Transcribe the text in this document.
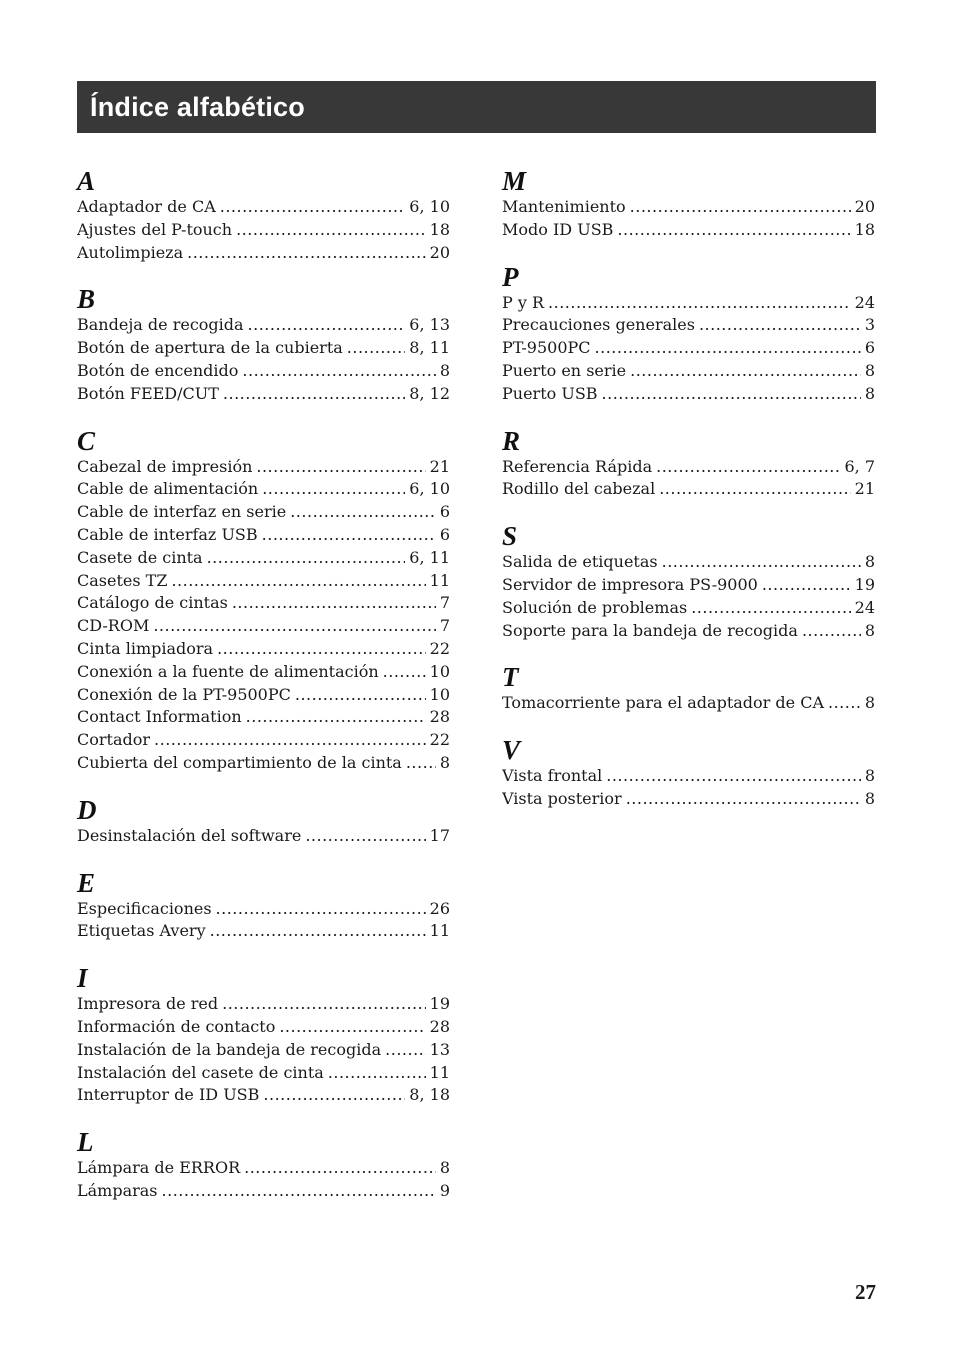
Índice alfabético
A
Adaptador de CA .....	6, 10
Ajustes del P-touch .....	18
Autolimpieza .....	20
B
Bandeja de recogida .....	6, 13
Botón de apertura de la cubierta .....	8, 11
Botón de encendido .....	8
Botón FEED/CUT .....	8, 12
C
Cabezal de impresión .....	21
Cable de alimentación .....	6, 10
Cable de interfaz en serie .....	6
Cable de interfaz USB .....	6
Casete de cinta .....	6, 11
Casetes TZ .....	11
Catálogo de cintas .....	7
CD-ROM .....	7
Cinta limpiadora .....	22
Conexión a la fuente de alimentación .....	10
Conexión de la PT-9500PC .....	10
Contact Information .....	28
Cortador .....	22
Cubierta del compartimiento de la cinta ..... 8
D
Desinstalación del software .....	17
E
Especificaciones .....	26
Etiquetas Avery .....	11
I
Impresora de red .....	19
Información de contacto .....	28
Instalación de la bandeja de recogida .....	13
Instalación del casete de cinta .....	11
Interruptor de ID USB .....	8, 18
L
Lámpara de ERROR .....	8
Lámparas .....	9
M
Mantenimiento .....	20
Modo ID USB .....	18
P
P y R .....	24
Precauciones generales .....	3
PT-9500PC .....	6
Puerto en serie .....	8
Puerto USB .....	8
R
Referencia Rápida .....	6, 7
Rodillo del cabezal .....	21
S
Salida de etiquetas .....	8
Servidor de impresora PS-9000 .....	19
Solución de problemas .....	24
Soporte para la bandeja de recogida .....	8
T
Tomacorriente para el adaptador de CA .....	8
V
Vista frontal .....	8
Vista posterior .....	8
27
